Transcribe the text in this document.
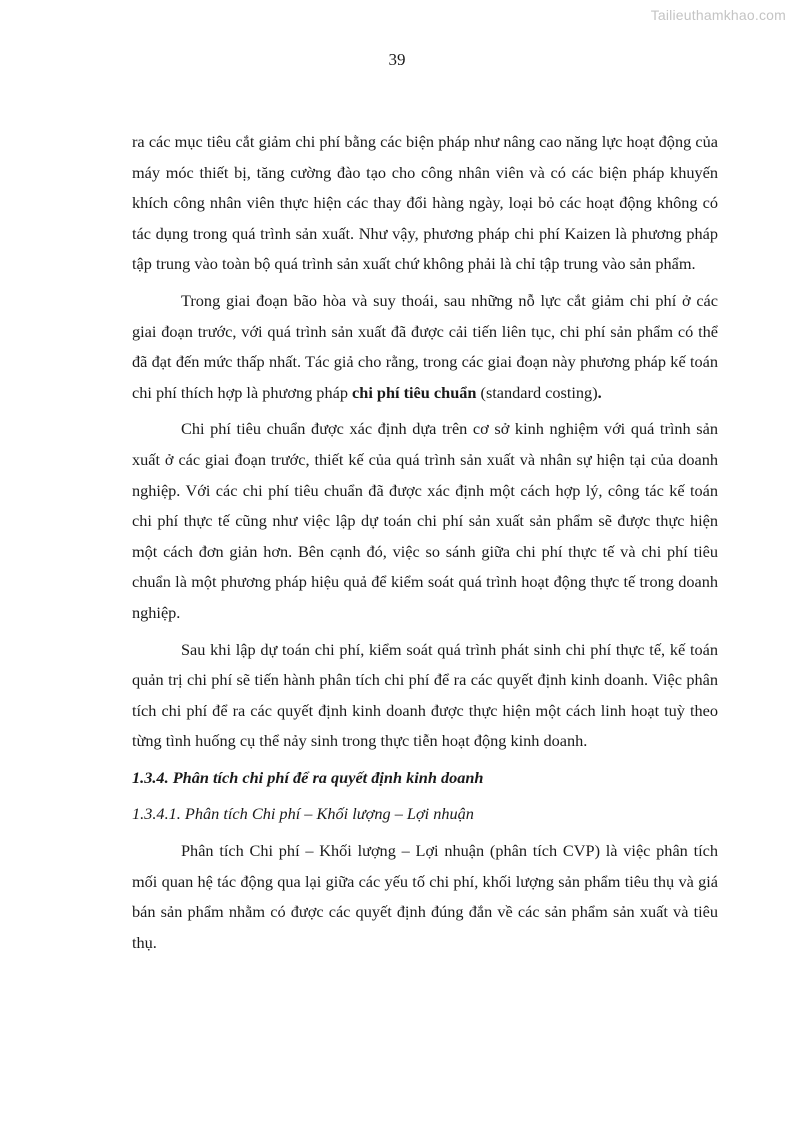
Tailieuthamkhao.com
39

ra các mục tiêu cắt giảm chi phí bằng các biện pháp như nâng cao năng lực hoạt động của máy móc thiết bị, tăng cường đào tạo cho công nhân viên và có các biện pháp khuyến khích công nhân viên thực hiện các thay đổi hàng ngày, loại bỏ các hoạt động không có tác dụng trong quá trình sản xuất. Như vậy, phương pháp chi phí Kaizen là phương pháp tập trung vào toàn bộ quá trình sản xuất chứ không phải là chỉ tập trung vào sản phẩm.

Trong giai đoạn bão hòa và suy thoái, sau những nỗ lực cắt giảm chi phí ở các giai đoạn trước, với quá trình sản xuất đã được cải tiến liên tục, chi phí sản phẩm có thể đã đạt đến mức thấp nhất. Tác giả cho rằng, trong các giai đoạn này phương pháp kế toán chi phí thích hợp là phương pháp chi phí tiêu chuẩn (standard costing).

Chi phí tiêu chuẩn được xác định dựa trên cơ sở kinh nghiệm với quá trình sản xuất ở các giai đoạn trước, thiết kế của quá trình sản xuất và nhân sự hiện tại của doanh nghiệp. Với các chi phí tiêu chuẩn đã được xác định một cách hợp lý, công tác kế toán chi phí thực tế cũng như việc lập dự toán chi phí sản xuất sản phẩm sẽ được thực hiện một cách đơn giản hơn. Bên cạnh đó, việc so sánh giữa chi phí thực tế và chi phí tiêu chuẩn là một phương pháp hiệu quả để kiểm soát quá trình hoạt động thực tế trong doanh nghiệp.

Sau khi lập dự toán chi phí, kiểm soát quá trình phát sinh chi phí thực tế, kế toán quản trị chi phí sẽ tiến hành phân tích chi phí để ra các quyết định kinh doanh. Việc phân tích chi phí để ra các quyết định kinh doanh được thực hiện một cách linh hoạt tuỳ theo từng tình huống cụ thể nảy sinh trong thực tiễn hoạt động kinh doanh.

1.3.4. Phân tích chi phí để ra quyết định kinh doanh
1.3.4.1. Phân tích Chi phí – Khối lượng – Lợi nhuận

Phân tích Chi phí – Khối lượng – Lợi nhuận (phân tích CVP) là việc phân tích mối quan hệ tác động qua lại giữa các yếu tố chi phí, khối lượng sản phẩm tiêu thụ và giá bán sản phẩm nhằm có được các quyết định đúng đắn về các sản phẩm sản xuất và tiêu thụ.
